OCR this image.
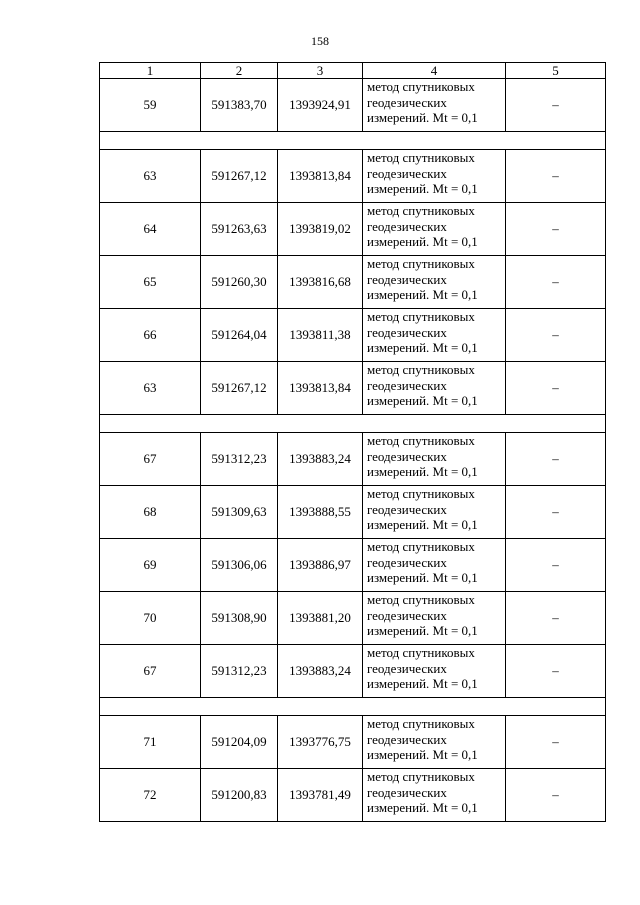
158
1	2	3	4	5
59	591383,70	1393924,91	метод спутниковых
геодезических
измерений. Mt = 0,1	–

63	591267,12	1393813,84	метод спутниковых
геодезических
измерений. Mt = 0,1	–
64	591263,63	1393819,02	метод спутниковых
геодезических
измерений. Mt = 0,1	–
65	591260,30	1393816,68	метод спутниковых
геодезических
измерений. Mt = 0,1	–
66	591264,04	1393811,38	метод спутниковых
геодезических
измерений. Mt = 0,1	–
63	591267,12	1393813,84	метод спутниковых
геодезических
измерений. Mt = 0,1	–

67	591312,23	1393883,24	метод спутниковых
геодезических
измерений. Mt = 0,1	–
68	591309,63	1393888,55	метод спутниковых
геодезических
измерений. Mt = 0,1	–
69	591306,06	1393886,97	метод спутниковых
геодезических
измерений. Mt = 0,1	–
70	591308,90	1393881,20	метод спутниковых
геодезических
измерений. Mt = 0,1	–
67	591312,23	1393883,24	метод спутниковых
геодезических
измерений. Mt = 0,1	–

71	591204,09	1393776,75	метод спутниковых
геодезических
измерений. Mt = 0,1	–
72	591200,83	1393781,49	метод спутниковых
геодезических
измерений. Mt = 0,1	–
